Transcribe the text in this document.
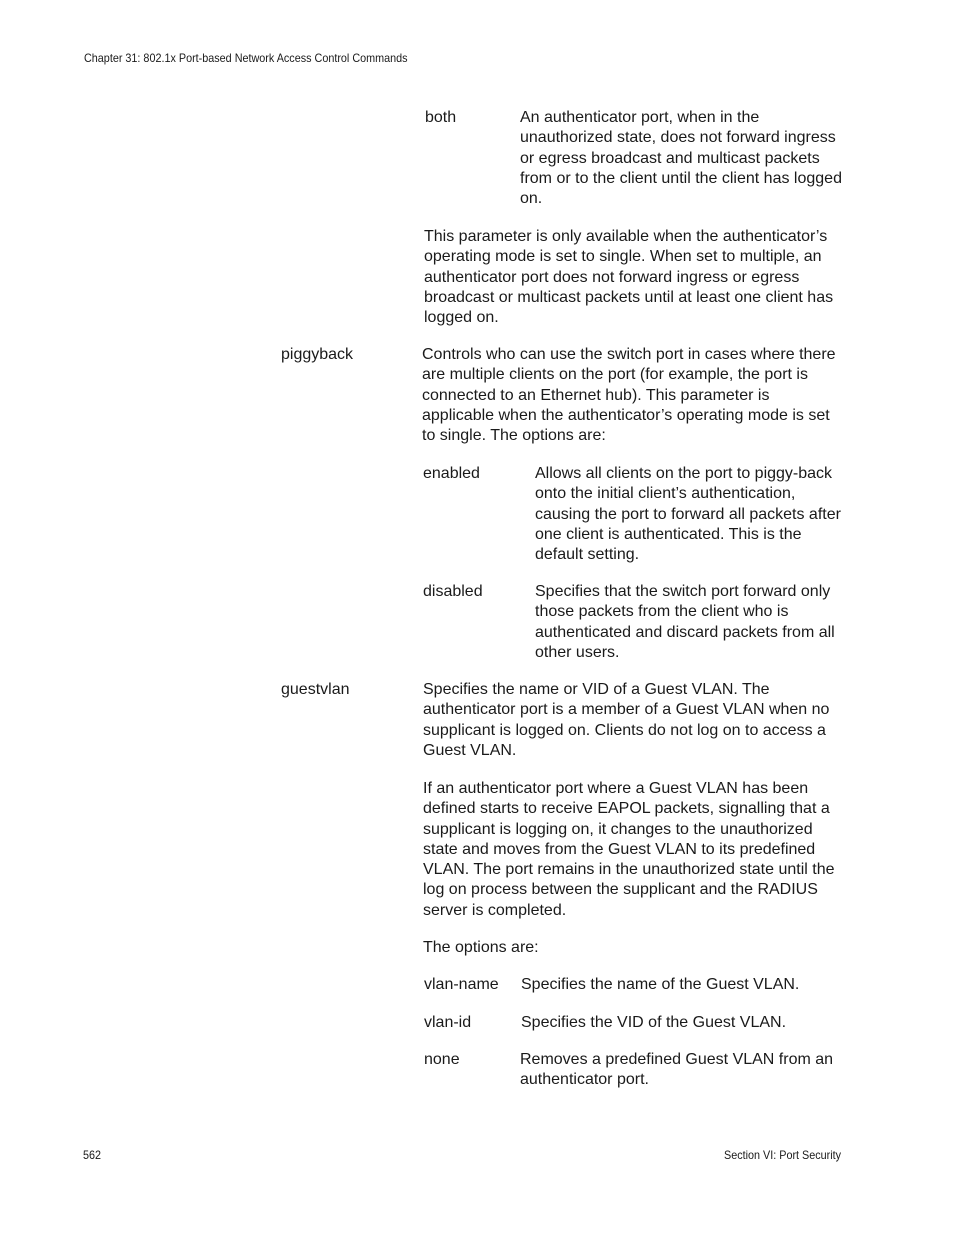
Chapter 31: 802.1x Port-based Network Access Control Commands
both	An authenticator port, when in the unauthorized state, does not forward ingress or egress broadcast and multicast packets from or to the client until the client has logged on.

This parameter is only available when the authenticator’s operating mode is set to single. When set to multiple, an authenticator port does not forward ingress or egress broadcast or multicast packets until at least one client has logged on.

piggyback	Controls who can use the switch port in cases where there are multiple clients on the port (for example, the port is connected to an Ethernet hub). This parameter is applicable when the authenticator’s operating mode is set to single. The options are:

enabled	Allows all clients on the port to piggy-back onto the initial client’s authentication, causing the port to forward all packets after one client is authenticated. This is the default setting.

disabled	Specifies that the switch port forward only those packets from the client who is authenticated and discard packets from all other users.

guestvlan	Specifies the name or VID of a Guest VLAN. The authenticator port is a member of a Guest VLAN when no supplicant is logged on. Clients do not log on to access a Guest VLAN.

If an authenticator port where a Guest VLAN has been defined starts to receive EAPOL packets, signalling that a supplicant is logging on, it changes to the unauthorized state and moves from the Guest VLAN to its predefined VLAN. The port remains in the unauthorized state until the log on process between the supplicant and the RADIUS server is completed.

The options are:

vlan-name Specifies the name of the Guest VLAN.

vlan-id	Specifies the VID of the Guest VLAN.

none	Removes a predefined Guest VLAN from an authenticator port.

562	Section VI: Port Security
